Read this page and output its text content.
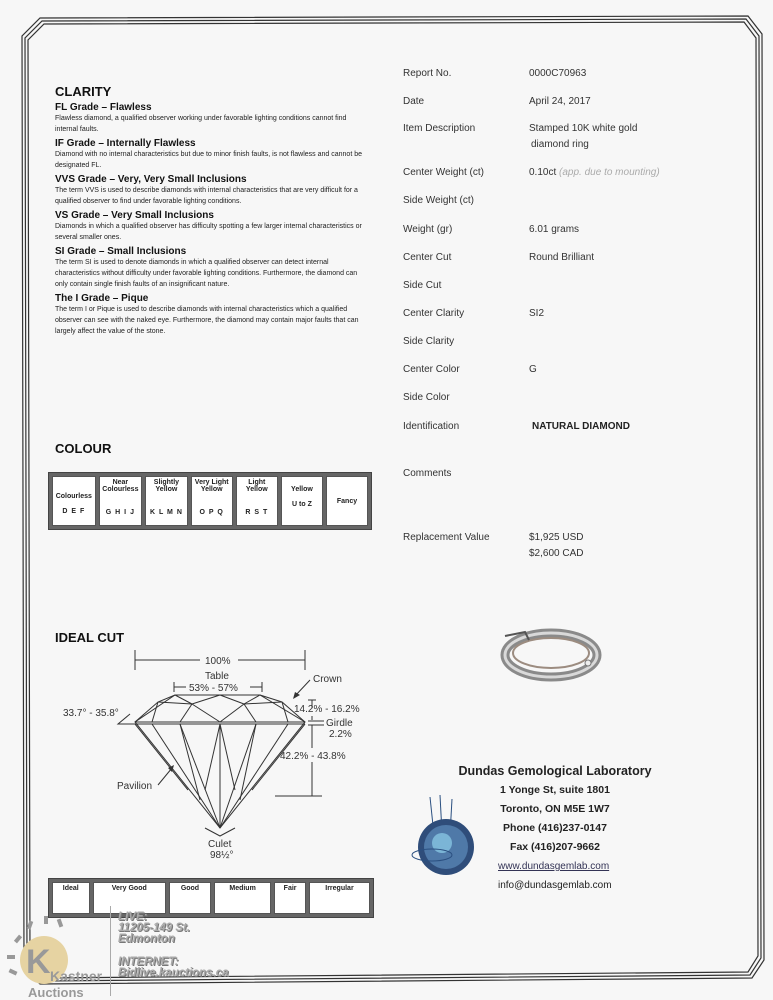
CLARITY
FL Grade – Flawless
Flawless diamond, a qualified observer working under favorable lighting conditions cannot find internal faults.
IF Grade – Internally Flawless
Diamond with no internal characteristics but due to minor finish faults, is not flawless and cannot be designated FL.
VVS Grade – Very, Very Small Inclusions
The term VVS is used to describe diamonds with internal characteristics that are very difficult for a qualified observer to find under favorable lighting conditions.
VS Grade – Very Small Inclusions
Diamonds in which a qualified observer has difficulty spotting a few larger internal characteristics or several smaller ones.
SI Grade – Small Inclusions
The term SI is used to denote diamonds in which a qualified observer can detect internal characteristics without difficulty under favorable lighting conditions. Furthermore, the diamond can only contain single finish faults of an insignificant nature.
The I Grade – Pique
The term I or Pique is used to describe diamonds with internal characteristics which a qualified observer can see with the naked eye. Furthermore, the diamond may contain major faults that can largely affect the value of the stone.
COLOUR
Colourless
D E F

Near Colourless
G H I J

Slightly Yellow
K L M N

Very Light Yellow
O P Q

Light Yellow
R S T

Yellow
U to Z	Fancy
IDEAL CUT
100%
Table
53% - 57%
Crown
33.7° - 35.8°	14.2% - 16.2%
Girdle
2.2%
42.2% - 43.8%
Pavilion
Culet
98½°
Ideal	Very Good	Good	Medium	Fair	Irregular
Report No.	0000C70963
Date	April 24, 2017
Item Description	Stamped 10K white gold
diamond ring
Center Weight (ct)	0.10ct (app. due to mounting)
Side Weight (ct)
Weight (gr)	6.01 grams
Center Cut	Round Brilliant
Side Cut
Center Clarity	SI2
Side Clarity
Center Color	G
Side Color
Identification	NATURAL DIAMOND
Comments
Replacement Value	$1,925 USD
$2,600 CAD
Dundas Gemological Laboratory
1 Yonge St, suite 1801
Toronto, ON M5E 1W7
Phone (416)237-0147
Fax (416)207-9662
www.dundasgemlab.com
info@dundasgemlab.com
K Kastner
Auctions
LIVE:
11205-149 St.
Edmonton
INTERNET:
Bidlive.kauctions.ca
